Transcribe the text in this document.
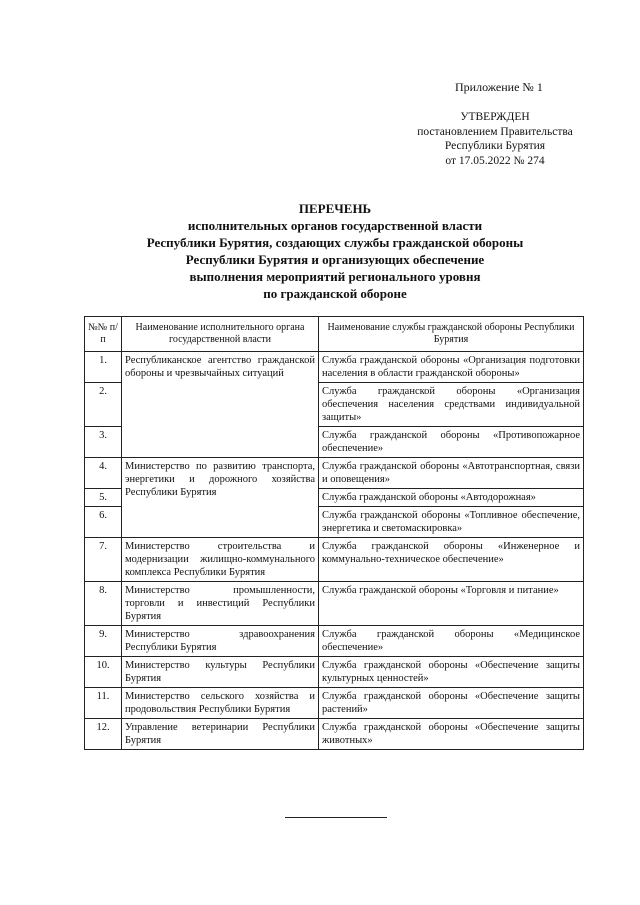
Приложение № 1
УТВЕРЖДЕН
постановлением Правительства
Республики Бурятия
от 17.05.2022 № 274
ПЕРЕЧЕНЬ
исполнительных органов государственной власти
Республики Бурятия, создающих службы гражданской обороны
Республики Бурятия и организующих обеспечение
выполнения мероприятий регионального уровня
по гражданской обороне
№№ п/п	Наименование исполнительного органа государственной власти	Наименование службы гражданской обороны Республики Бурятия
1.	Республиканское агентство гражданской обороны и чрезвычайных ситуаций	Служба гражданской обороны «Организация подготовки населения в области гражданской обороны»
2.		Служба гражданской обороны «Организация обеспечения населения средствами индивидуальной защиты»
3.		Служба гражданской обороны «Противопожарное обеспечение»
4.	Министерство по развитию транспорта, энергетики и дорожного хозяйства Республики Бурятия	Служба гражданской обороны «Автотранспортная, связи и оповещения»
5.		Служба гражданской обороны «Автодорожная»
6.		Служба гражданской обороны «Топливное обеспечение, энергетика и светомаскировка»
7.	Министерство строительства и модернизации жилищно-коммунального комплекса Республики Бурятия	Служба гражданской обороны «Инженерное и коммунально-техническое обеспечение»
8.	Министерство промышленности, торговли и инвестиций Республики Бурятия	Служба гражданской обороны «Торговля и питание»
9.	Министерство здравоохранения Республики Бурятия	Служба гражданской обороны «Медицинское обеспечение»
10.	Министерство культуры Республики Бурятия	Служба гражданской обороны «Обеспечение защиты культурных ценностей»
11.	Министерство сельского хозяйства и продовольствия Республики Бурятия	Служба гражданской обороны «Обеспечение защиты растений»
12.	Управление ветеринарии Республики Бурятия	Служба гражданской обороны «Обеспечение защиты животных»
